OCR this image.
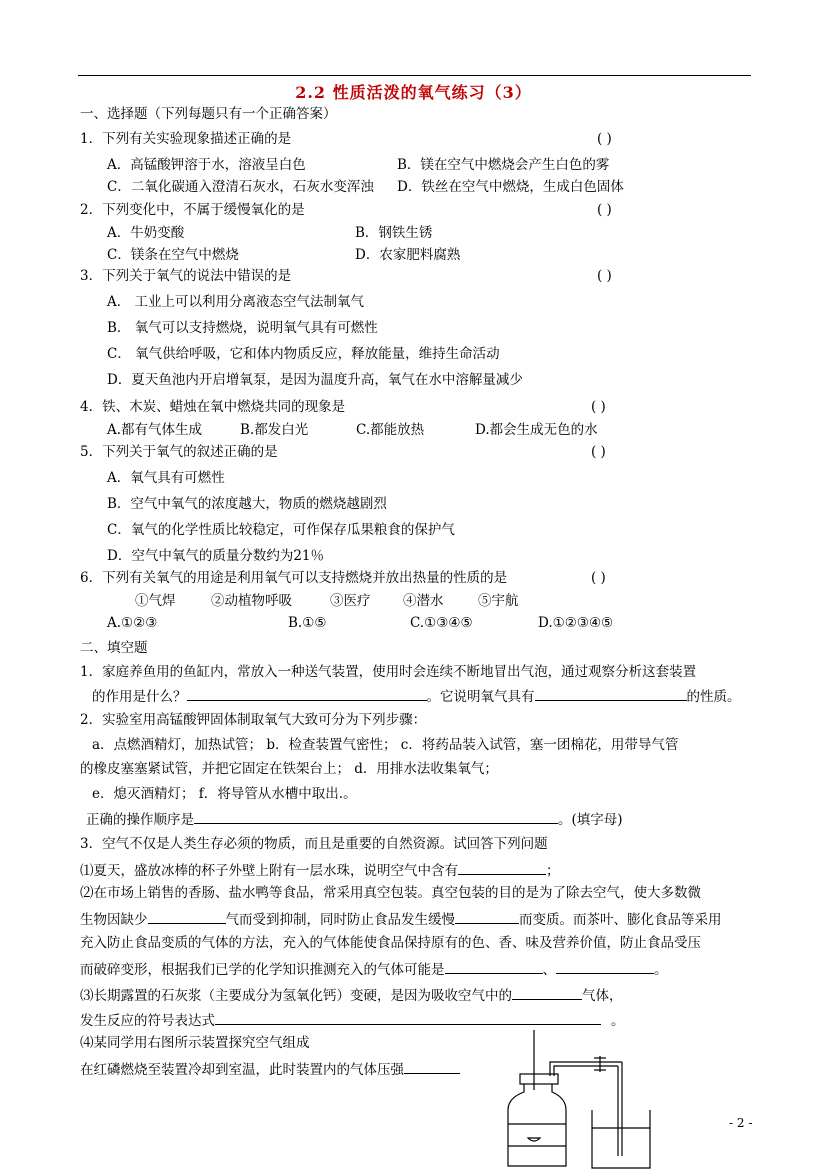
2.2 性质活泼的氧气练习（3）
一、选择题（下列每题只有一个正确答案）
1．下列有关实验现象描述正确的是	( )
A．高锰酸钾溶于水，溶液呈白色	B．镁在空气中燃烧会产生白色的雾
C．二氧化碳通入澄清石灰水，石灰水变浑浊 D．铁丝在空气中燃烧，生成白色固体
2．下列变化中，不属于缓慢氧化的是	( )
A．牛奶变酸	B．钢铁生锈
C．镁条在空气中燃烧	D．农家肥料腐熟
3．下列关于氧气的说法中错误的是	( )
A． 工业上可以利用分离液态空气法制氧气
B． 氧气可以支持燃烧，说明氧气具有可燃性
C． 氧气供给呼吸，它和体内物质反应，释放能量，维持生命活动
D．夏天鱼池内开启增氧泵，是因为温度升高，氧气在水中溶解量减少
4．铁、木炭、蜡烛在氧中燃烧共同的现象是	( )
A.都有气体生成	B.都发白光	C.都能放热	D.都会生成无色的水
5．下列关于氧气的叙述正确的是	( )
A．氧气具有可燃性
B．空气中氧气的浓度越大，物质的燃烧越剧烈
C．氧气的化学性质比较稳定，可作保存瓜果粮食的保护气
D．空气中氧气的质量分数约为21％
6．下列有关氧气的用途是利用氧气可以支持燃烧并放出热量的性质的是	( )
①气焊	②动植物呼吸	③医疗 ④潜水	⑤宇航
A.①②③	B.①⑤	C.①③④⑤	D.①②③④⑤
二、填空题
1．家庭养鱼用的鱼缸内，常放入一种送气装置，使用时会连续不断地冒出气泡，通过观察分析这套装置
的作用是什么？	。它说明氧气具有	的性质。
2．实验室用高锰酸钾固体制取氧气大致可分为下列步骤：
a．点燃酒精灯，加热试管； b．检查装置气密性； c．将药品装入试管，塞一团棉花，用带导气管
的橡皮塞塞紧试管，并把它固定在铁架台上； d．用排水法收集氧气；
e．熄灭酒精灯； f．将导管从水槽中取出.。
正确的操作顺序是	。(填字母)
3．空气不仅是人类生存必须的物质，而且是重要的自然资源。试回答下列问题
⑴夏天，盛放冰棒的杯子外壁上附有一层水珠，说明空气中含有	；
⑵在市场上销售的香肠、盐水鸭等食品，常采用真空包装。真空包装的目的是为了除去空气，使大多数微
生物因缺少	气而受到抑制，同时防止食品发生缓慢	而变质。而茶叶、膨化食品等采用
充入防止食品变质的气体的方法，充入的气体能使食品保持原有的色、香、味及营养价值，防止食品受压
而破碎变形，根据我们已学的化学知识推测充入的气体可能是	、	。
⑶长期露置的石灰浆（主要成分为氢氧化钙）变硬，是因为吸收空气中的	气体，
发生反应的符号表达式	。
⑷某同学用右图所示装置探究空气组成
在红磷燃烧至装置冷却到室温，此时装置内的气体压强
- 2 -
